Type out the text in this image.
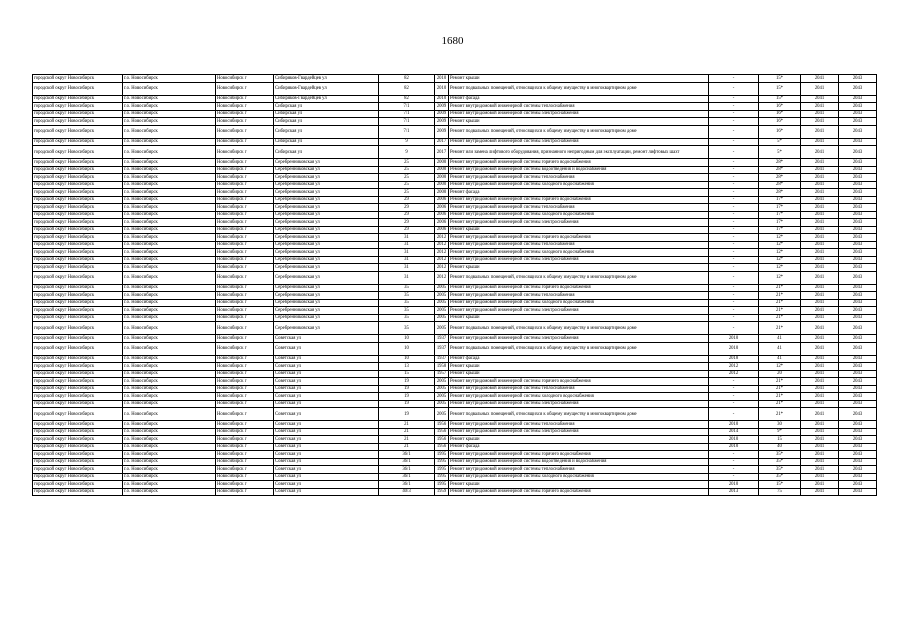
1680
городской округ Новосибирск	г.о. Новосибирск	Новосибирск г	Сибиряков-Гвардейцев ул	82	2010	Ремонт крыши	-	15*	2041	2043
городской округ Новосибирск	г.о. Новосибирск	Новосибирск г	Сибиряков-Гвардейцев ул	82	2010	Ремонт подвальных помещений, относящихся к общему имуществу в многоквартирном доме	-	15*	2041	2043
городской округ Новосибирск	г.о. Новосибирск	Новосибирск г	Сибиряков-Гвардейцев ул	82	2010	Ремонт фасада	-	15*	2041	2043
городской округ Новосибирск	г.о. Новосибирск	Новосибирск г	Сибирская ул	7/1	2009	Ремонт внутридомовой инженерной системы теплоснабжения	-	16*	2041	2043
городской округ Новосибирск	г.о. Новосибирск	Новосибирск г	Сибирская ул	7/1	2009	Ремонт внутридомовой инженерной системы электроснабжения	-	16*	2041	2043
городской округ Новосибирск	г.о. Новосибирск	Новосибирск г	Сибирская ул	7/1	2009	Ремонт крыши	-	16*	2041	2043
городской округ Новосибирск	г.о. Новосибирск	Новосибирск г	Сибирская ул	7/1	2009	Ремонт подвальных помещений, относящихся к общему имуществу в многоквартирном доме	-	16*	2041	2043
городской округ Новосибирск	г.о. Новосибирск	Новосибирск г	Сибирская ул	9	2017	Ремонт внутридомовой инженерной системы электроснабжения	-	5*	2041	2043
городской округ Новосибирск	г.о. Новосибирск	Новосибирск г	Сибирская ул	9	2017	Ремонт или замена лифтового оборудования, признанного непригодным для эксплуатации, ремонт лифтовых шахт	-	5*	2041	2043
городской округ Новосибирск	г.о. Новосибирск	Новосибирск г	Серебренниковская ул	25	2000	Ремонт внутридомовой инженерной системы горячего водоснабжения	-	28*	2041	2043
городской округ Новосибирск	г.о. Новосибирск	Новосибирск г	Серебренниковская ул	25	2000	Ремонт внутридомовой инженерной системы водоотведения и водоснабжения	-	28*	2041	2043
городской округ Новосибирск	г.о. Новосибирск	Новосибирск г	Серебренниковская ул	25	2000	Ремонт внутридомовой инженерной системы теплоснабжения	-	28*	2041	2043
городской округ Новосибирск	г.о. Новосибирск	Новосибирск г	Серебренниковская ул	25	2000	Ремонт внутридомовой инженерной системы холодного водоснабжения	-	28*	2041	2043
городской округ Новосибирск	г.о. Новосибирск	Новосибирск г	Серебренниковская ул	25	2000	Ремонт фасада	-	28*	2041	2043
городской округ Новосибирск	г.о. Новосибирск	Новосибирск г	Серебренниковская ул	29	2006	Ремонт внутридомовой инженерной системы горячего водоснабжения	-	17*	2041	2043
городской округ Новосибирск	г.о. Новосибирск	Новосибирск г	Серебренниковская ул	29	2006	Ремонт внутридомовой инженерной системы теплоснабжения	-	17*	2041	2043
городской округ Новосибирск	г.о. Новосибирск	Новосибирск г	Серебренниковская ул	29	2006	Ремонт внутридомовой инженерной системы холодного водоснабжения	-	17*	2041	2043
городской округ Новосибирск	г.о. Новосибирск	Новосибирск г	Серебренниковская ул	29	2006	Ремонт внутридомовой инженерной системы электроснабжения	-	17*	2041	2043
городской округ Новосибирск	г.о. Новосибирск	Новосибирск г	Серебренниковская ул	29	2006	Ремонт крыши	-	17*	2041	2043
городской округ Новосибирск	г.о. Новосибирск	Новосибирск г	Серебренниковская ул	31	2012	Ремонт внутридомовой инженерной системы горячего водоснабжения	-	12*	2041	2043
городской округ Новосибирск	г.о. Новосибирск	Новосибирск г	Серебренниковская ул	31	2012	Ремонт внутридомовой инженерной системы теплоснабжения	-	12*	2041	2043
городской округ Новосибирск	г.о. Новосибирск	Новосибирск г	Серебренниковская ул	31	2012	Ремонт внутридомовой инженерной системы холодного водоснабжения	-	12*	2041	2043
городской округ Новосибирск	г.о. Новосибирск	Новосибирск г	Серебренниковская ул	31	2012	Ремонт внутридомовой инженерной системы электроснабжения	-	12*	2041	2043
городской округ Новосибирск	г.о. Новосибирск	Новосибирск г	Серебренниковская ул	31	2012	Ремонт крыши	-	12*	2041	2043
городской округ Новосибирск	г.о. Новосибирск	Новосибирск г	Серебренниковская ул	31	2012	Ремонт подвальных помещений, относящихся к общему имуществу в многоквартирном доме	-	12*	2041	2043
городской округ Новосибирск	г.о. Новосибирск	Новосибирск г	Серебренниковская ул	35	2005	Ремонт внутридомовой инженерной системы горячего водоснабжения	-	21*	2041	2043
городской округ Новосибирск	г.о. Новосибирск	Новосибирск г	Серебренниковская ул	35	2005	Ремонт внутридомовой инженерной системы теплоснабжения	-	21*	2041	2043
городской округ Новосибирск	г.о. Новосибирск	Новосибирск г	Серебренниковская ул	35	2005	Ремонт внутридомовой инженерной системы холодного водоснабжения	-	21*	2041	2043
городской округ Новосибирск	г.о. Новосибирск	Новосибирск г	Серебренниковская ул	35	2005	Ремонт внутридомовой инженерной системы электроснабжения	-	21*	2041	2043
городской округ Новосибирск	г.о. Новосибирск	Новосибирск г	Серебренниковская ул	35	2005	Ремонт крыши	-	21*	2041	2043
городской округ Новосибирск	г.о. Новосибирск	Новосибирск г	Серебренниковская ул	35	2005	Ремонт подвальных помещений, относящихся к общему имуществу в многоквартирном доме	-	21*	2041	2043
городской округ Новосибирск	г.о. Новосибирск	Новосибирск г	Советская ул	10	1937	Ремонт внутридомовой инженерной системы электроснабжения	2010	41	2041	2043
городской округ Новосибирск	г.о. Новосибирск	Новосибирск г	Советская ул	10	1937	Ремонт подвальных помещений, относящихся к общему имуществу в многоквартирном доме	2010	41	2041	2043
городской округ Новосибирск	г.о. Новосибирск	Новосибирск г	Советская ул	10	1937	Ремонт фасада	2018	41	2041	2043
городской округ Новосибирск	г.о. Новосибирск	Новосибирск г	Советская ул	13	1958	Ремонт крыши	2012	12*	2041	2043
городской округ Новосибирск	г.о. Новосибирск	Новосибирск г	Советская ул	15	1957	Ремонт крыши	2012	20	2041	2043
городской округ Новосибирск	г.о. Новосибирск	Новосибирск г	Советская ул	19	2005	Ремонт внутридомовой инженерной системы горячего водоснабжения	-	21*	2041	2043
городской округ Новосибирск	г.о. Новосибирск	Новосибирск г	Советская ул	19	2005	Ремонт внутридомовой инженерной системы теплоснабжения	-	21*	2041	2043
городской округ Новосибирск	г.о. Новосибирск	Новосибирск г	Советская ул	19	2005	Ремонт внутридомовой инженерной системы холодного водоснабжения	-	21*	2041	2043
городской округ Новосибирск	г.о. Новосибирск	Новосибирск г	Советская ул	19	2005	Ремонт внутридомовой инженерной системы электроснабжения	-	21*	2041	2043
городской округ Новосибирск	г.о. Новосибирск	Новосибирск г	Советская ул	19	2005	Ремонт подвальных помещений, относящихся к общему имуществу в многоквартирном доме	-	21*	2041	2043
городской округ Новосибирск	г.о. Новосибирск	Новосибирск г	Советская ул	21	1956	Ремонт внутридомовой инженерной системы теплоснабжения	2010	30	2041	2043
городской округ Новосибирск	г.о. Новосибирск	Новосибирск г	Советская ул	21	1956	Ремонт внутридомовой инженерной системы электроснабжения	2014	9*	2041	2043
городской округ Новосибирск	г.о. Новосибирск	Новосибирск г	Советская ул	21	1956	Ремонт крыши	2010	15	2041	2043
городской округ Новосибирск	г.о. Новосибирск	Новосибирск г	Советская ул	21	1956	Ремонт фасада	2010	40	2041	2043
городской округ Новосибирск	г.о. Новосибирск	Новосибирск г	Советская ул	36/1	1995	Ремонт внутридомовой инженерной системы горячего водоснабжения	-	35*	2041	2043
городской округ Новосибирск	г.о. Новосибирск	Новосибирск г	Советская ул	36/1	1995	Ремонт внутридомовой инженерной системы водоотведения и водоснабжения	-	35*	2041	2043
городской округ Новосибирск	г.о. Новосибирск	Новосибирск г	Советская ул	36/1	1995	Ремонт внутридомовой инженерной системы теплоснабжения	-	35*	2041	2043
городской округ Новосибирск	г.о. Новосибирск	Новосибирск г	Советская ул	36/1	1995	Ремонт внутридомовой инженерной системы холодного водоснабжения	-	35*	2041	2043
городской округ Новосибирск	г.о. Новосибирск	Новосибирск г	Советская ул	36/1	1995	Ремонт крыши	2010	15*	2041	2043
городской округ Новосибирск	г.о. Новосибирск	Новосибирск г	Советская ул	40/3	1959	Ремонт внутридомовой инженерной системы горячего водоснабжения	2013	75	2041	2043
